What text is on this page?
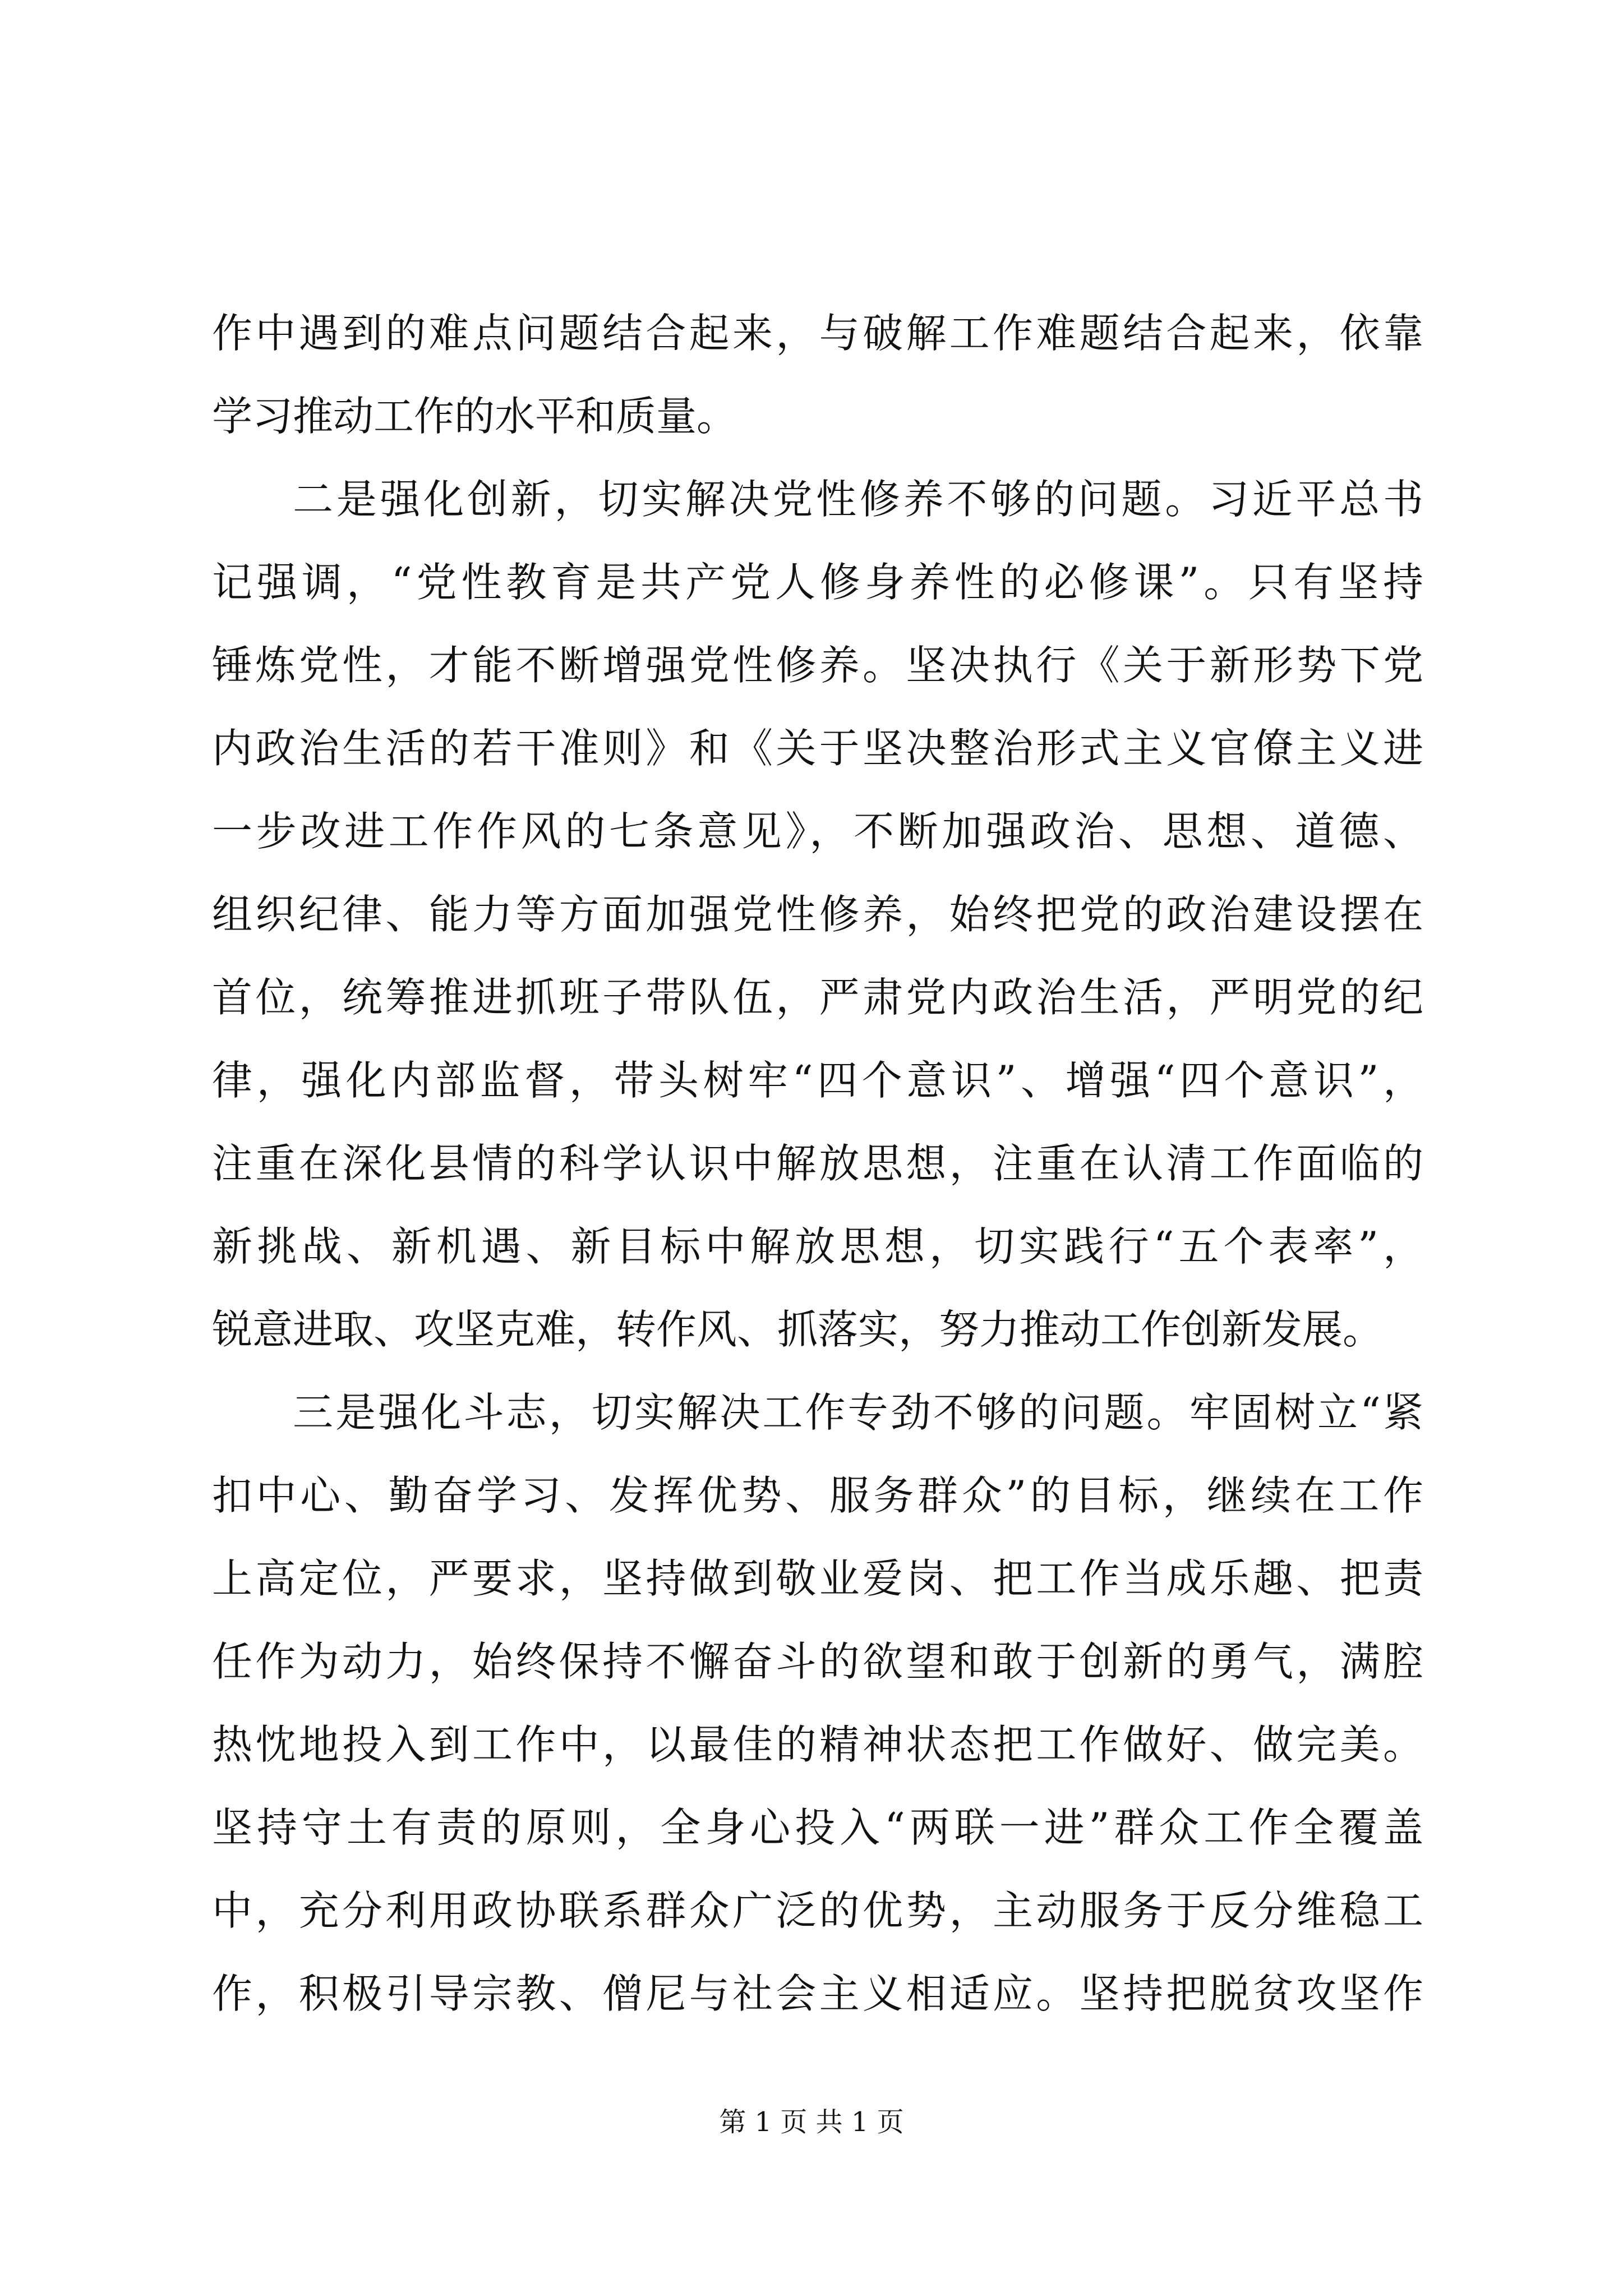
作中遇到的难点问题结合起来，与破解工作难题结合起来，依靠
学习推动工作的水平和质量。
二是强化创新，切实解决党性修养不够的问题。习近平总书
记强调，“党性教育是共产党人修身养性的必修课”。只有坚持
锤炼党性，才能不断增强党性修养。坚决执行《关于新形势下党
内政治生活的若干准则》和《关于坚决整治形式主义官僚主义进
一步改进工作作风的七条意见》，不断加强政治、思想、道德、
组织纪律、能力等方面加强党性修养，始终把党的政治建设摆在
首位，统筹推进抓班子带队伍，严肃党内政治生活，严明党的纪
律，强化内部监督，带头树牢“四个意识”、增强“四个意识”，
注重在深化县情的科学认识中解放思想，注重在认清工作面临的
新挑战、新机遇、新目标中解放思想，切实践行“五个表率”，
锐意进取、攻坚克难，转作风、抓落实，努力推动工作创新发展。
三是强化斗志，切实解决工作专劲不够的问题。牢固树立“紧
扣中心、勤奋学习、发挥优势、服务群众”的目标，继续在工作
上高定位，严要求，坚持做到敬业爱岗、把工作当成乐趣、把责
任作为动力，始终保持不懈奋斗的欲望和敢于创新的勇气，满腔
热忱地投入到工作中，以最佳的精神状态把工作做好、做完美。
坚持守土有责的原则，全身心投入“两联一进”群众工作全覆盖
中，充分利用政协联系群众广泛的优势，主动服务于反分维稳工
作，积极引导宗教、僧尼与社会主义相适应。坚持把脱贫攻坚作
第 1 页 共 1 页
